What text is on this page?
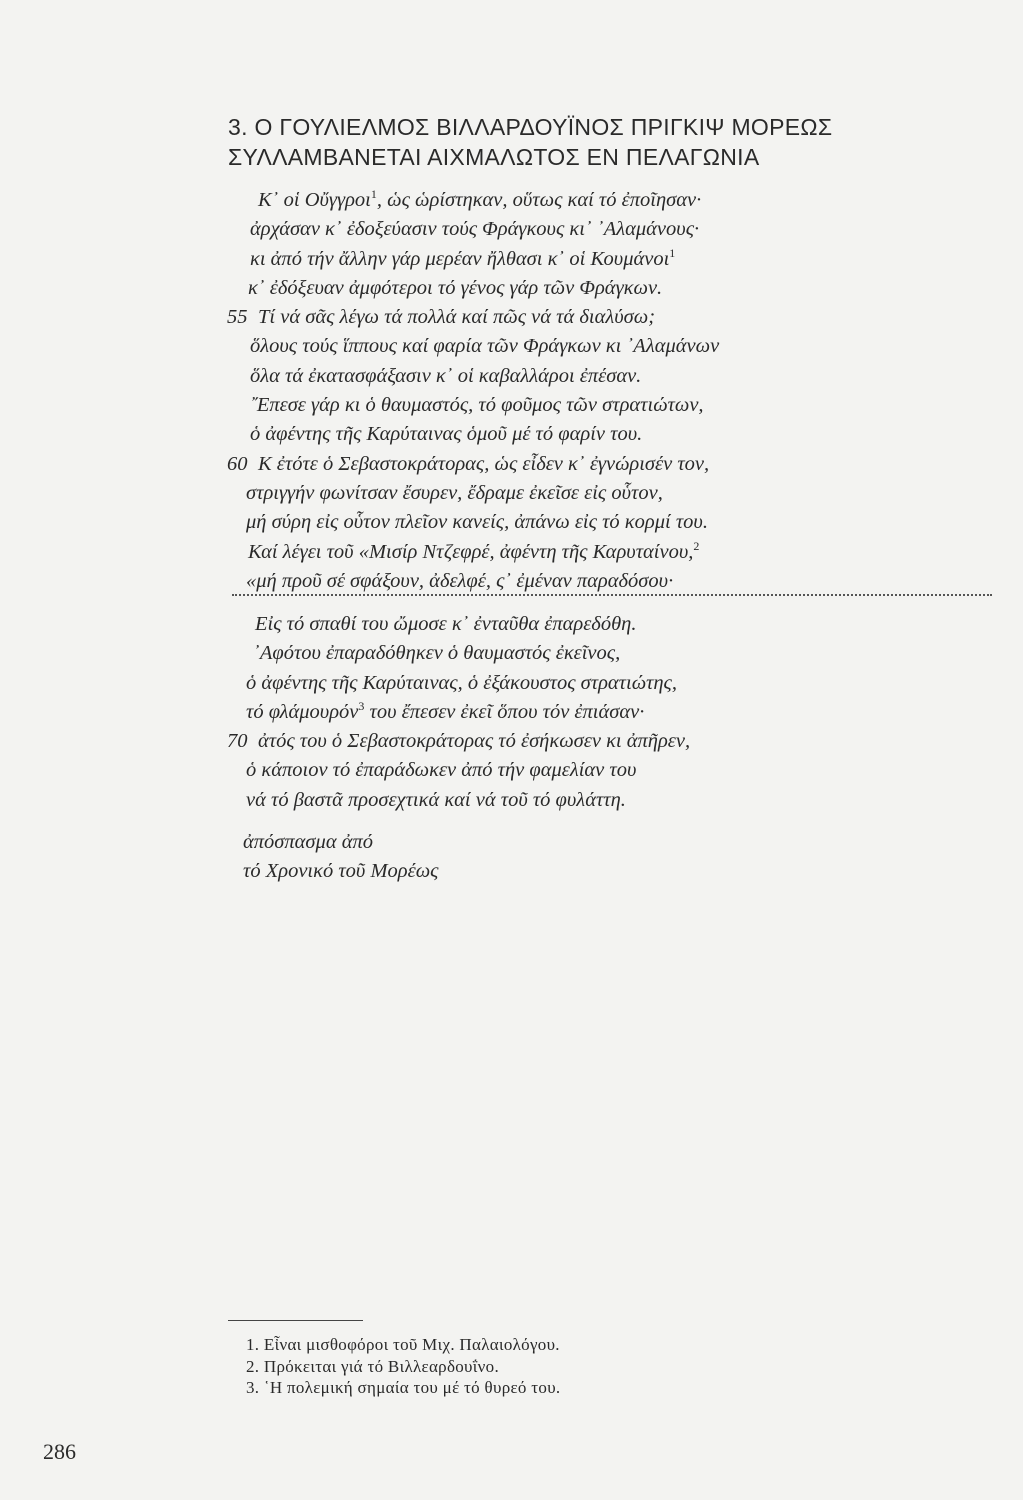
3. Ο ΓΟΥΛΙΕΛΜΟΣ ΒΙΛΛΑΡΔΟΥΪΝΟΣ ΠΡΙΓΚΙΨ ΜΟΡΕΩΣ
ΣΥΛΛΑΜΒΑΝΕΤΑΙ ΑΙΧΜΑΛΩΤΟΣ ΕΝ ΠΕΛΑΓΩΝΙΑ
Κ᾿ οἱ Οὔγγροι$^1$, ὡς ὡρίστηκαν, οὕτως καί τό ἐποῖησαν·
ἀρχάσαν κ᾿ ἐδοξεύασιν τούς Φράγκους κι᾿ ᾿Αλαμάνους·
κι ἀπό τήν ἄλλην γάρ μερέαν ἤλθασι κ᾿ οἱ Κουμάνοι$^1$
κ᾿ ἐδόξευαν ἀμφότεροι τό γένος γάρ τῶν Φράγκων.
55 Τί νά σᾶς λέγω τά πολλά καί πῶς νά τά διαλύσω;
ὅλους τούς ἵππους καί φαρία τῶν Φράγκων κι ᾿Αλαμάνων
ὅλα τά ἐκατασφάξασιν κ᾿ οἱ καβαλλάροι ἐπέσαν.
῎Επεσε γάρ κι ὁ θαυμαστός, τό φοῦμος τῶν στρατιώτων,
ὁ ἀφέντης τῆς Καρύταινας ὁμοῦ μέ τό φαρίν του.
60 Κ ἐτότε ὁ Σεβαστοκράτορας, ὡς εἶδεν κ᾿ ἐγνώρισέν τον,
στριγγήν φωνίτσαν ἔσυρεν, ἔδραμε ἐκεῖσε εἰς οὗτον,
μή σύρη εἰς οὗτον πλεῖον κανείς, ἀπάνω εἰς τό κορμί του.
Καί λέγει τοῦ «Μισίρ Ντζεφρέ, ἀφέντη τῆς Καρυταίνου,$^2$
«μή προῦ σέ σφάξουν, ἀδελφέ, ς᾿ ἐμέναν παραδόσου·
Εἰς τό σπαθί του ὤμοσε κ᾿ ἐνταῦθα ἐπαρεδόθη.
᾿Αφότου ἐπαραδόθηκεν ὁ θαυμαστός ἐκεῖνος,
ὁ ἀφέντης τῆς Καρύταινας, ὁ ἐξάκουστος στρατιώτης,
τό φλάμουρόν$^3$ του ἔπεσεν ἐκεῖ ὅπου τόν ἐπιάσαν·
70 ἀτός του ὁ Σεβαστοκράτορας τό ἐσήκωσεν κι ἀπῆρεν,
ὁ κάποιον τό ἐπαράδωκεν ἀπό τήν φαμελίαν του
νά τό βαστᾶ προσεχτικά καί νά τοῦ τό φυλάττη.
ἀπόσπασμα ἀπό
τό Χρονικό τοῦ Μορέως
1. Εἶναι μισθοφόροι τοῦ Μιχ. Παλαιολόγου.
2. Πρόκειται γιά τό Βιλλεαρδουΐνο.
3. ῾Η πολεμική σημαία του μέ τό θυρεό του.
286
